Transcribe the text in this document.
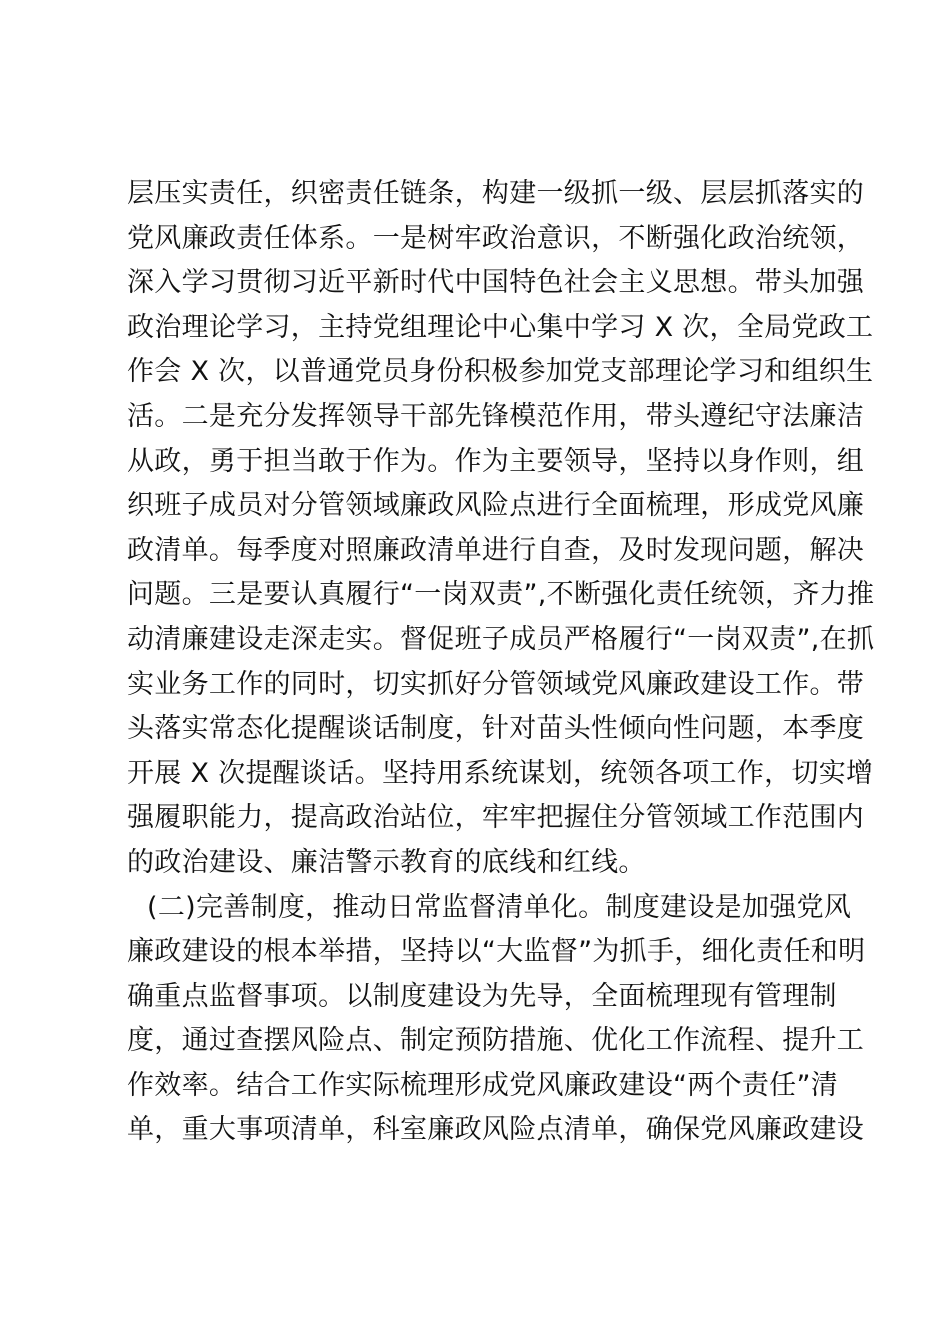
层压实责任，织密责任链条，构建一级抓一级、层层抓落实的
党风廉政责任体系。一是树牢政治意识，不断强化政治统领，
深入学习贯彻习近平新时代中国特色社会主义思想。带头加强
政治理论学习，主持党组理论中心集中学习 X 次，全局党政工
作会 X 次，以普通党员身份积极参加党支部理论学习和组织生
活。二是充分发挥领导干部先锋模范作用，带头遵纪守法廉洁
从政，勇于担当敢于作为。作为主要领导，坚持以身作则，组
织班子成员对分管领域廉政风险点进行全面梳理，形成党风廉
政清单。每季度对照廉政清单进行自查，及时发现问题，解决
问题。三是要认真履行“一岗双责”,不断强化责任统领，齐力推
动清廉建设走深走实。督促班子成员严格履行“一岗双责”,在抓
实业务工作的同时，切实抓好分管领域党风廉政建设工作。带
头落实常态化提醒谈话制度，针对苗头性倾向性问题，本季度
开展 X 次提醒谈话。坚持用系统谋划，统领各项工作，切实增
强履职能力，提高政治站位，牢牢把握住分管领域工作范围内
的政治建设、廉洁警示教育的底线和红线。
(二)完善制度，推动日常监督清单化。制度建设是加强党风
廉政建设的根本举措，坚持以“大监督”为抓手，细化责任和明
确重点监督事项。以制度建设为先导，全面梳理现有管理制
度，通过查摆风险点、制定预防措施、优化工作流程、提升工
作效率。结合工作实际梳理形成党风廉政建设“两个责任”清
单，重大事项清单，科室廉政风险点清单，确保党风廉政建设
